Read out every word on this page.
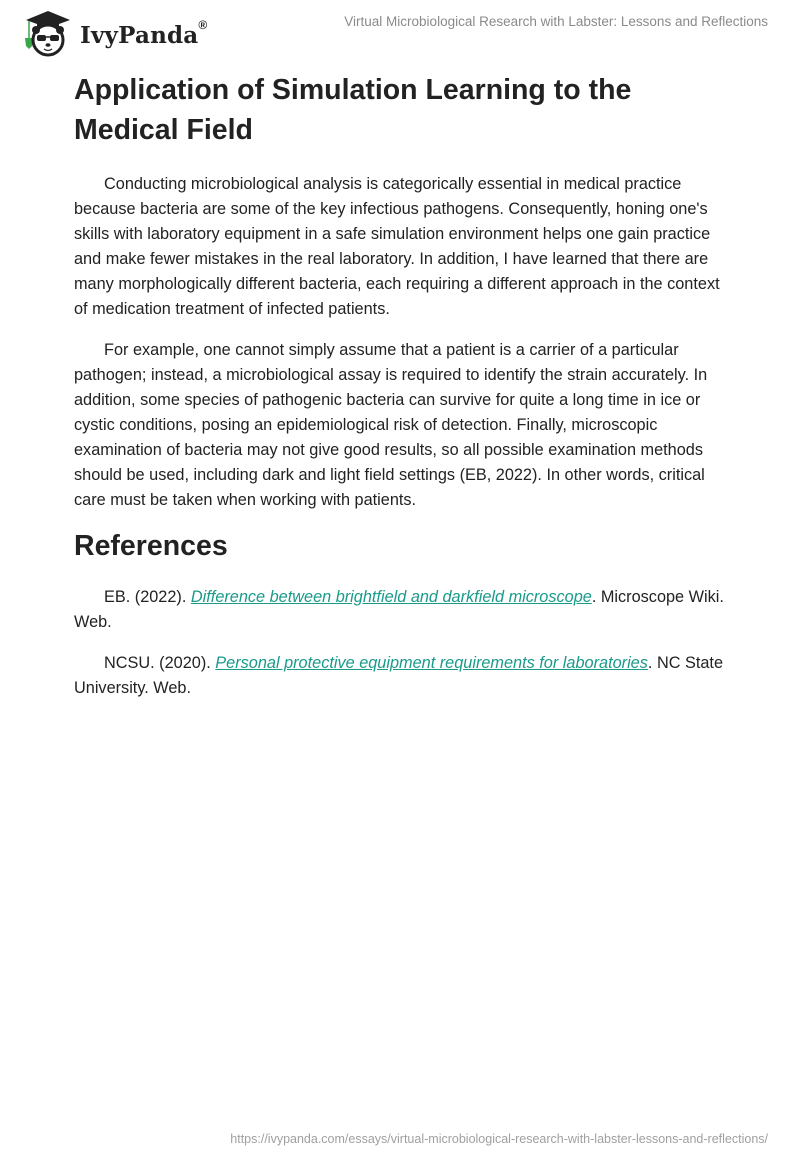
IvyPanda®	Virtual Microbiological Research with Labster: Lessons and Reflections
Application of Simulation Learning to the Medical Field

Conducting microbiological analysis is categorically essential in medical practice because bacteria are some of the key infectious pathogens. Consequently, honing one's skills with laboratory equipment in a safe simulation environment helps one gain practice and make fewer mistakes in the real laboratory. In addition, I have learned that there are many morphologically different bacteria, each requiring a different approach in the context of medication treatment of infected patients.

For example, one cannot simply assume that a patient is a carrier of a particular pathogen; instead, a microbiological assay is required to identify the strain accurately. In addition, some species of pathogenic bacteria can survive for quite a long time in ice or cystic conditions, posing an epidemiological risk of detection. Finally, microscopic examination of bacteria may not give good results, so all possible examination methods should be used, including dark and light field settings (EB, 2022). In other words, critical care must be taken when working with patients.

References

EB. (2022). Difference between brightfield and darkfield microscope. Microscope Wiki. Web.

NCSU. (2020). Personal protective equipment requirements for laboratories. NC State University. Web.

https://ivypanda.com/essays/virtual-microbiological-research-with-labster-lessons-and-reflections/
